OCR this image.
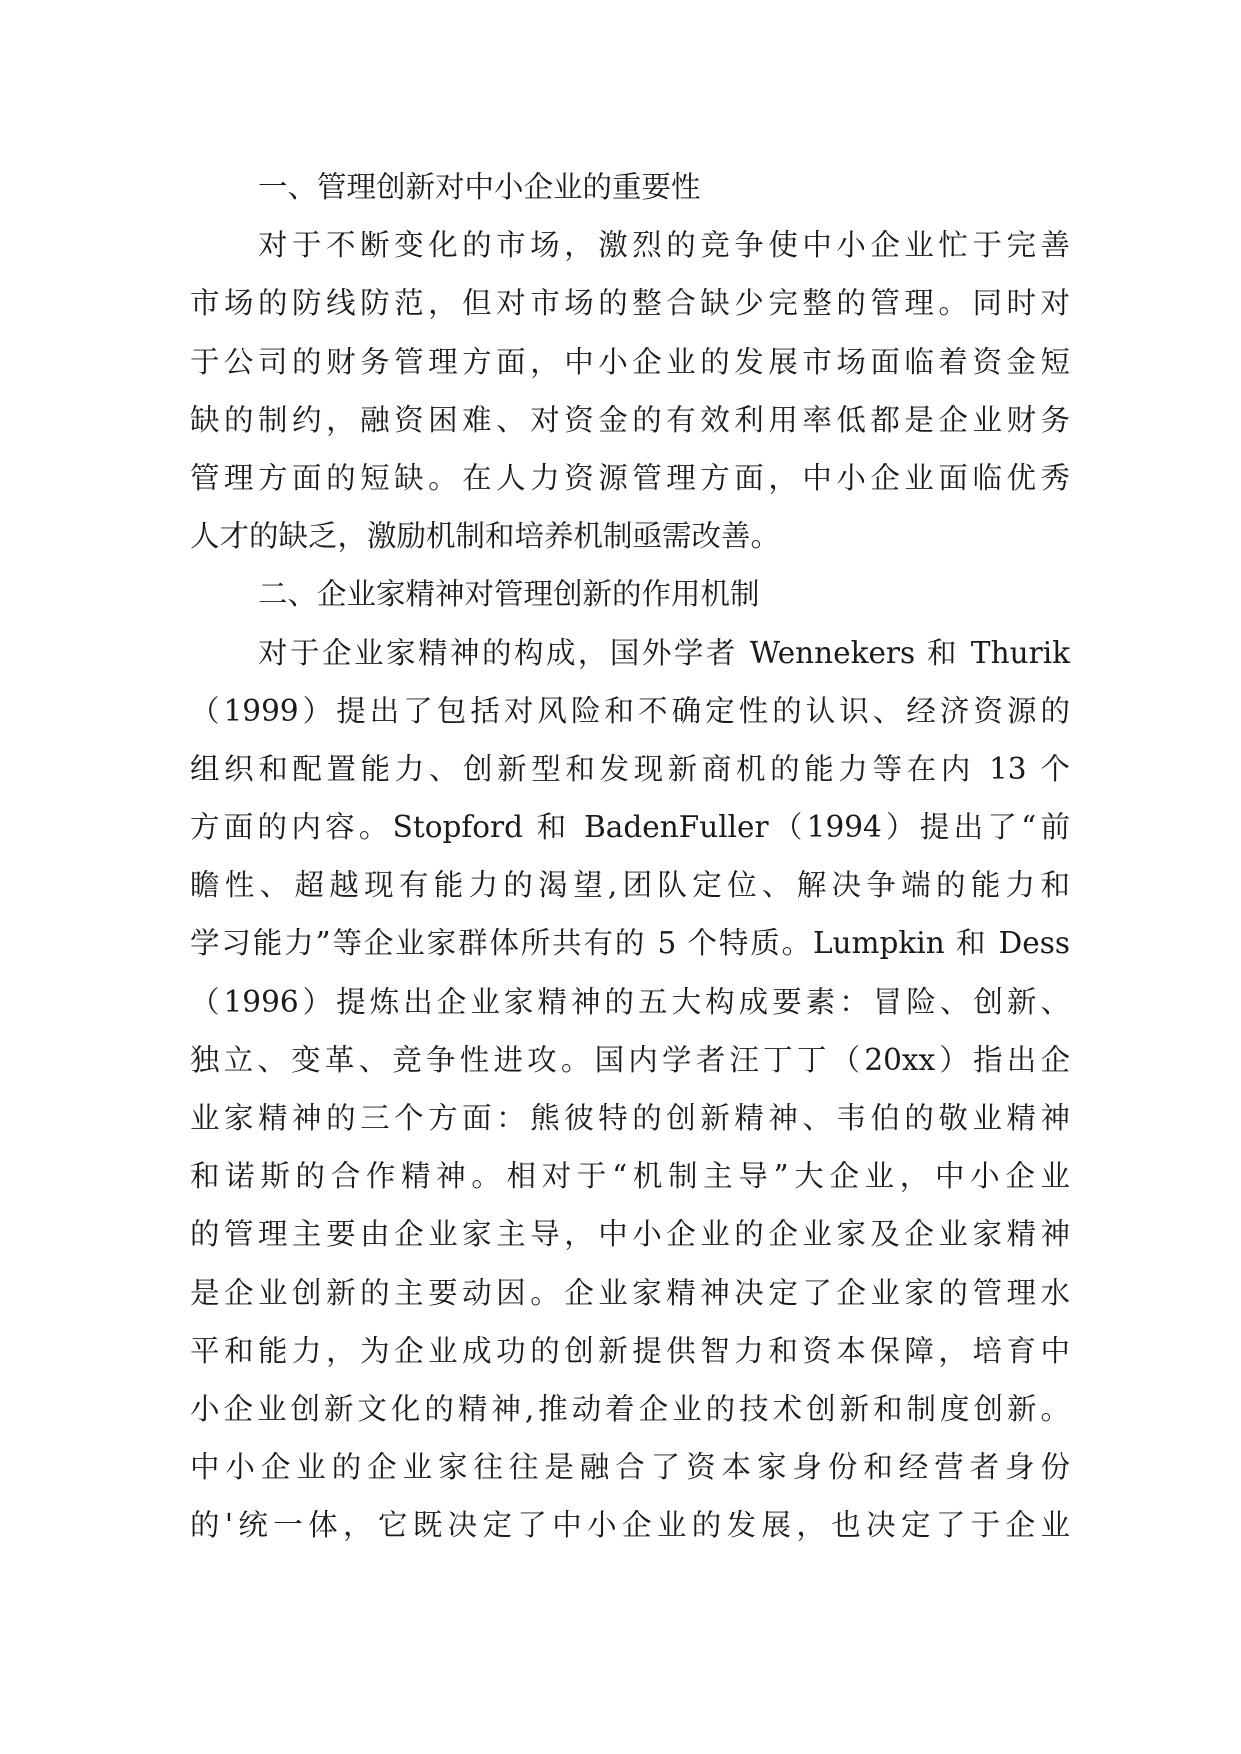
一、管理创新对中小企业的重要性
对于不断变化的市场，激烈的竞争使中小企业忙于完善
市场的防线防范，但对市场的整合缺少完整的管理。同时对
于公司的财务管理方面，中小企业的发展市场面临着资金短
缺的制约，融资困难、对资金的有效利用率低都是企业财务
管理方面的短缺。在人力资源管理方面，中小企业面临优秀
人才的缺乏，激励机制和培养机制亟需改善。
二、企业家精神对管理创新的作用机制
对于企业家精神的构成，国外学者 Wennekers 和 Thurik
（1999）提出了包括对风险和不确定性的认识、经济资源的
组织和配置能力、创新型和发现新商机的能力等在内 13 个
方面的内容。Stopford 和 BadenFuller（1994）提出了“前
瞻性、超越现有能力的渴望,团队定位、解决争端的能力和
学习能力”等企业家群体所共有的 5 个特质。Lumpkin 和 Dess
（1996）提炼出企业家精神的五大构成要素：冒险、创新、
独立、变革、竞争性进攻。国内学者汪丁丁（20xx）指出企
业家精神的三个方面：熊彼特的创新精神、韦伯的敬业精神
和诺斯的合作精神。相对于“机制主导”大企业，中小企业
的管理主要由企业家主导，中小企业的企业家及企业家精神
是企业创新的主要动因。企业家精神决定了企业家的管理水
平和能力，为企业成功的创新提供智力和资本保障，培育中
小企业创新文化的精神,推动着企业的技术创新和制度创新。
中小企业的企业家往往是融合了资本家身份和经营者身份
的'统一体，它既决定了中小企业的发展，也决定了于企业
